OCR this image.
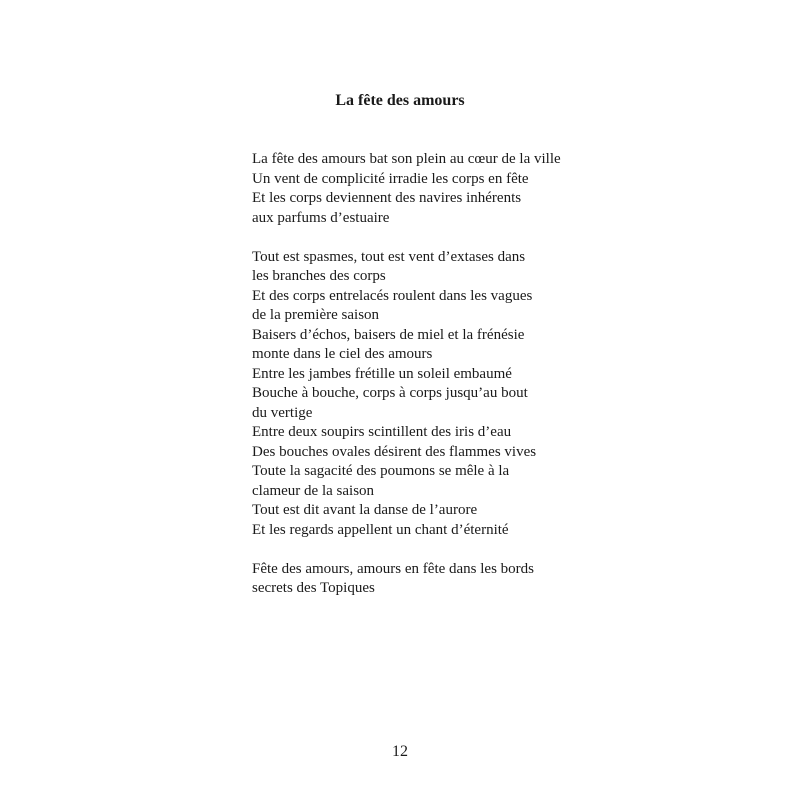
La fête des amours

La fête des amours bat son plein au cœur de la ville
Un vent de complicité irradie les corps en fête
Et les corps deviennent des navires inhérents
aux parfums d’estuaire

Tout est spasmes, tout est vent d’extases dans
les branches des corps
Et des corps entrelacés roulent dans les vagues
de la première saison
Baisers d’échos, baisers de miel et la frénésie
monte dans le ciel des amours
Entre les jambes frétille un soleil embaumé
Bouche à bouche, corps à corps jusqu’au bout
du vertige
Entre deux soupirs scintillent des iris d’eau
Des bouches ovales désirent des flammes vives
Toute la sagacité des poumons se mêle à la
clameur de la saison
Tout est dit avant la danse de l’aurore
Et les regards appellent un chant d’éternité

Fête des amours, amours en fête dans les bords
secrets des Topiques

12
